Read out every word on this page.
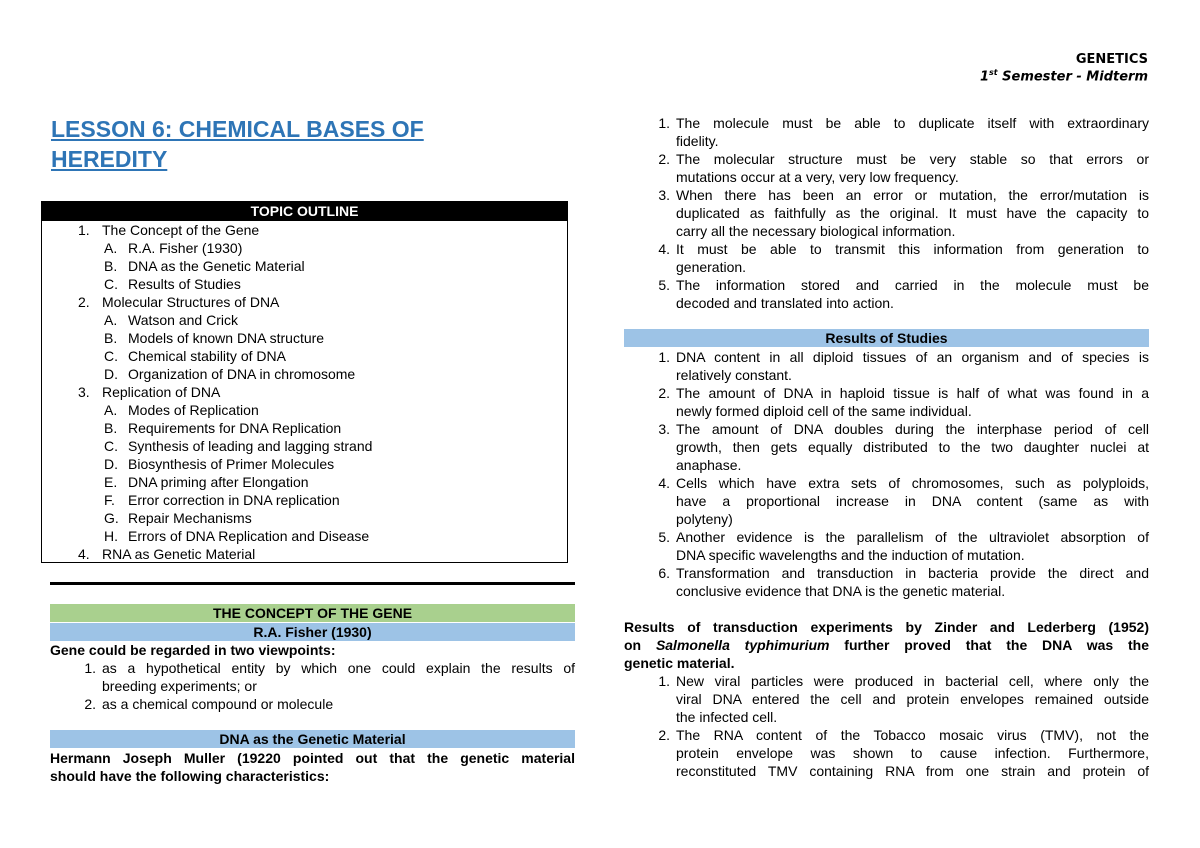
GENETICS
1st Semester - Midterm
LESSON 6: CHEMICAL BASES OF
HEREDITY
TOPIC OUTLINE
1. The Concept of the Gene
A. R.A. Fisher (1930)
B. DNA as the Genetic Material
C. Results of Studies
2. Molecular Structures of DNA
A. Watson and Crick
B. Models of known DNA structure
C. Chemical stability of DNA
D. Organization of DNA in chromosome
3. Replication of DNA
A. Modes of Replication
B. Requirements for DNA Replication
C. Synthesis of leading and lagging strand
D. Biosynthesis of Primer Molecules
E. DNA priming after Elongation
F. Error correction in DNA replication
G. Repair Mechanisms
H. Errors of DNA Replication and Disease
4. RNA as Genetic Material
THE CONCEPT OF THE GENE
R.A. Fisher (1930)
Gene could be regarded in two viewpoints:
1. as a hypothetical entity by which one could explain the results of
breeding experiments; or
2. as a chemical compound or molecule
DNA as the Genetic Material
Hermann Joseph Muller (19220 pointed out that the genetic material
should have the following characteristics:
1. The molecule must be able to duplicate itself with extraordinary
fidelity.
2. The molecular structure must be very stable so that errors or
mutations occur at a very, very low frequency.
3. When there has been an error or mutation, the error/mutation is
duplicated as faithfully as the original. It must have the capacity to
carry all the necessary biological information.
4. It must be able to transmit this information from generation to
generation.
5. The information stored and carried in the molecule must be
decoded and translated into action.
Results of Studies
1. DNA content in all diploid tissues of an organism and of species is
relatively constant.
2. The amount of DNA in haploid tissue is half of what was found in a
newly formed diploid cell of the same individual.
3. The amount of DNA doubles during the interphase period of cell
growth, then gets equally distributed to the two daughter nuclei at
anaphase.
4. Cells which have extra sets of chromosomes, such as polyploids,
have a proportional increase in DNA content (same as with
polyteny)
5. Another evidence is the parallelism of the ultraviolet absorption of
DNA specific wavelengths and the induction of mutation.
6. Transformation and transduction in bacteria provide the direct and
conclusive evidence that DNA is the genetic material.
Results of transduction experiments by Zinder and Lederberg (1952)
on Salmonella typhimurium further proved that the DNA was the
genetic material.
1. New viral particles were produced in bacterial cell, where only the
viral DNA entered the cell and protein envelopes remained outside
the infected cell.
2. The RNA content of the Tobacco mosaic virus (TMV), not the
protein envelope was shown to cause infection. Furthermore,
reconstituted TMV containing RNA from one strain and protein of
